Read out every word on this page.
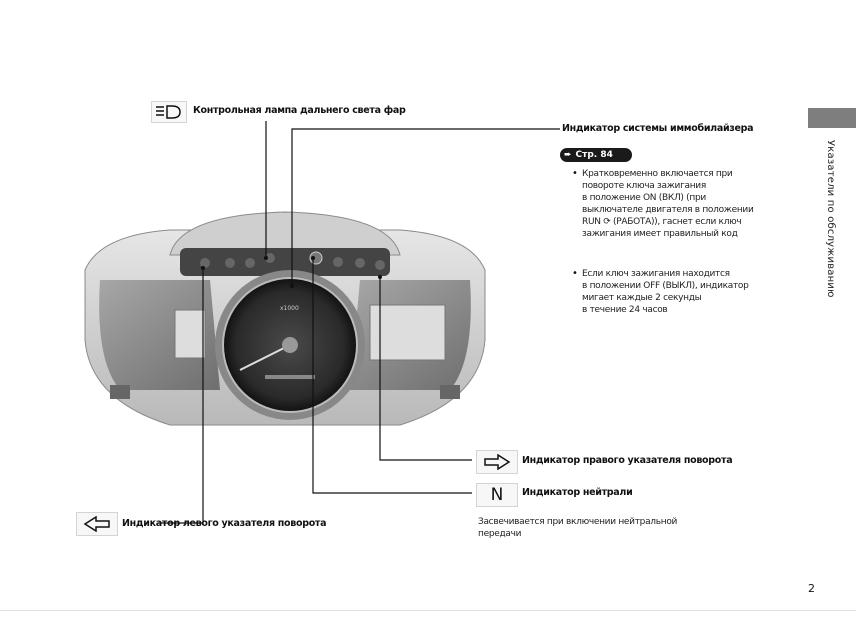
x1000
Контрольная лампа дальнего света фар
Индикатор системы иммобилайзера
➨ Стр. 84
• Кратковременно включается при
повороте ключа зажигания
в положение ON (ВКЛ) (при
выключателе двигателя в положении
RUN ⟳ (РАБОТА)), гаснет если ключ
зажигания имеет правильный код
• Если ключ зажигания находится
в положении OFF (ВЫКЛ), индикатор
мигает каждые 2 секунды
в течение 24 часов
Индикатор правого указателя поворота
N Индикатор нейтрали
Засвечивается при включении нейтральной
передачи
Индикатор левого указателя поворота
Указатели по обслуживанию
2
